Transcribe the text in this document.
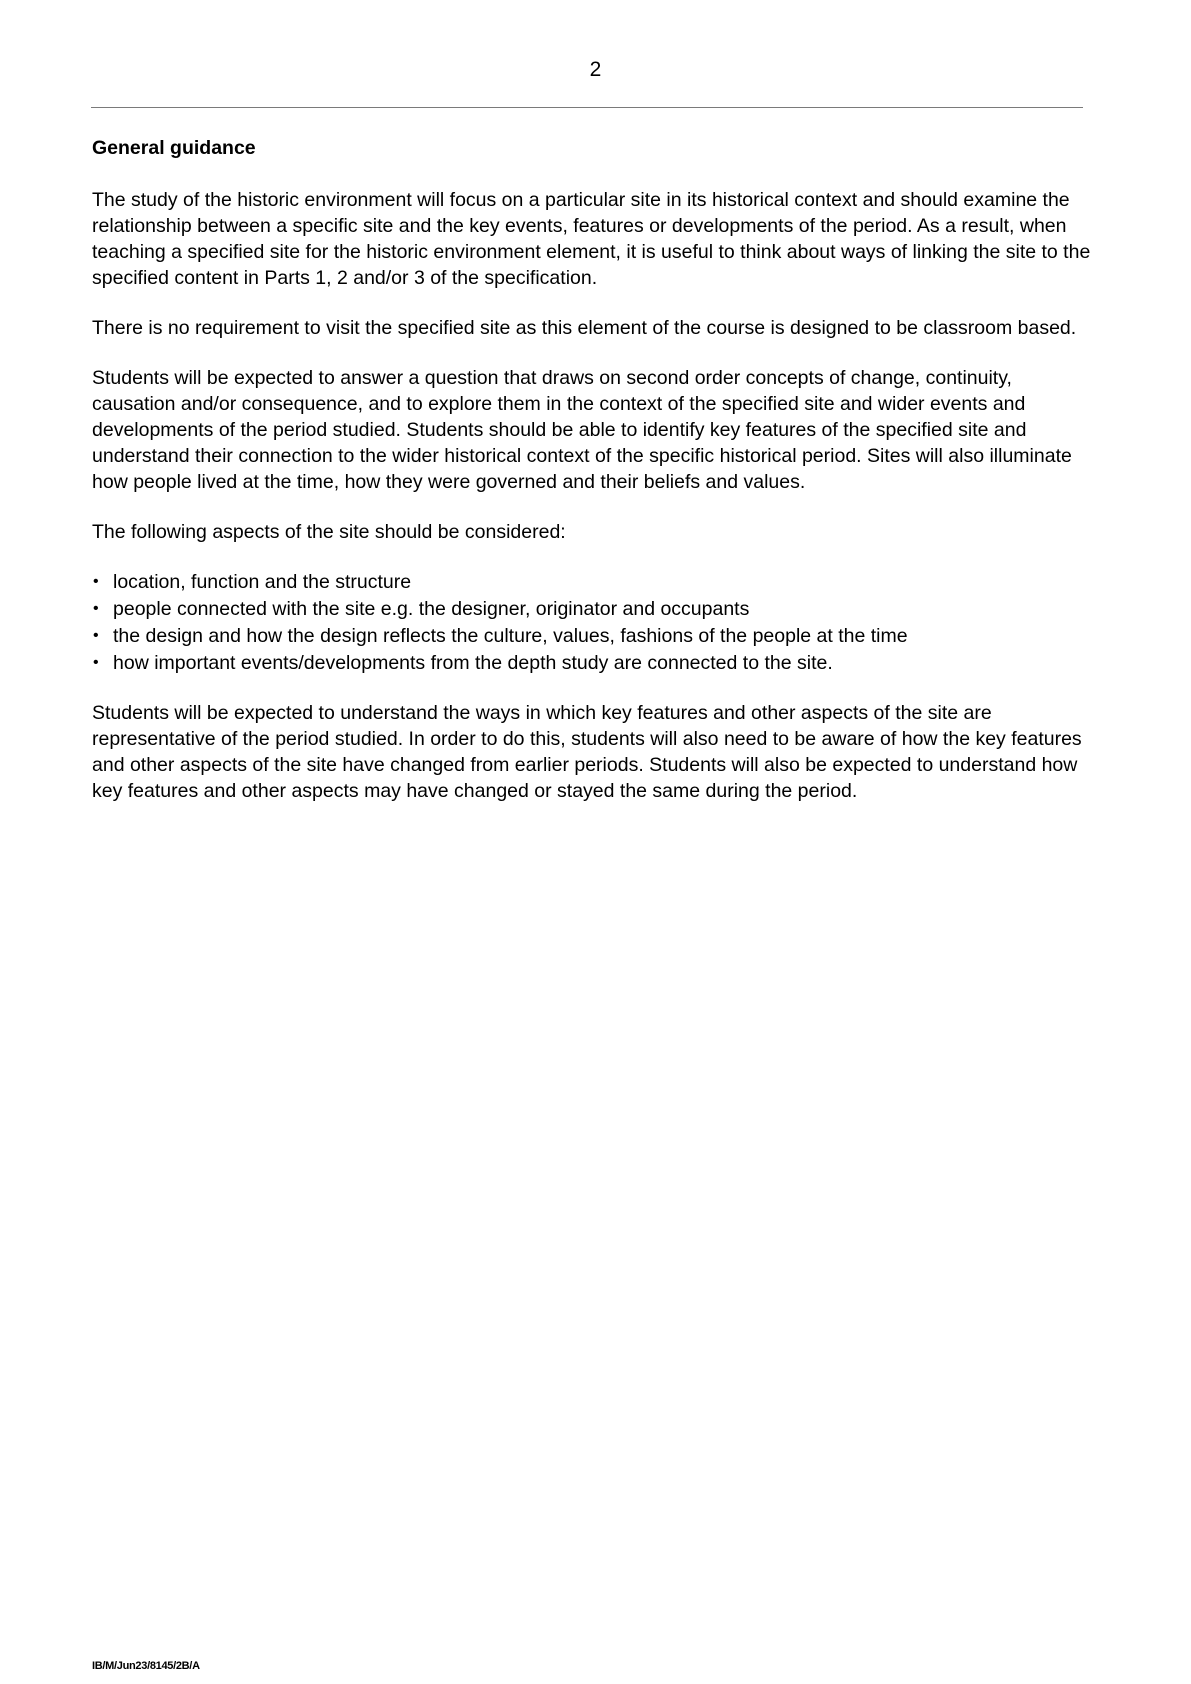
2
General guidance

The study of the historic environment will focus on a particular site in its historical context and should examine the relationship between a specific site and the key events, features or developments of the period. As a result, when teaching a specified site for the historic environment element, it is useful to think about ways of linking the site to the specified content in Parts 1, 2 and/or 3 of the specification.

There is no requirement to visit the specified site as this element of the course is designed to be classroom based.

Students will be expected to answer a question that draws on second order concepts of change, continuity, causation and/or consequence, and to explore them in the context of the specified site and wider events and developments of the period studied. Students should be able to identify key features of the specified site and understand their connection to the wider historical context of the specific historical period. Sites will also illuminate how people lived at the time, how they were governed and their beliefs and values.

The following aspects of the site should be considered:

• location, function and the structure
• people connected with the site e.g. the designer, originator and occupants
• the design and how the design reflects the culture, values, fashions of the people at the time
• how important events/developments from the depth study are connected to the site.

Students will be expected to understand the ways in which key features and other aspects of the site are representative of the period studied. In order to do this, students will also need to be aware of how the key features and other aspects of the site have changed from earlier periods. Students will also be expected to understand how key features and other aspects may have changed or stayed the same during the period.

IB/M/Jun23/8145/2B/A
